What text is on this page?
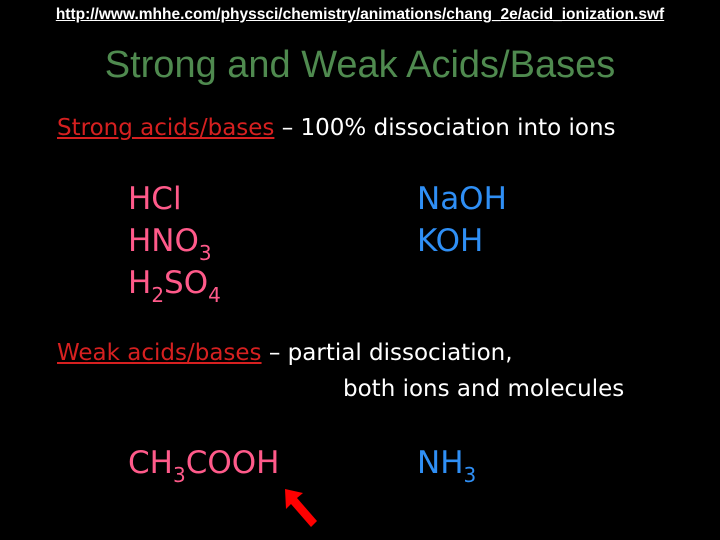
http://www.mhhe.com/physsci/chemistry/animations/chang_2e/acid_ionization.swf
Strong and Weak Acids/Bases
Strong acids/bases – 100% dissociation into ions
HCl
$HNO_3$
$H_2SO_4$
NaOH
KOH
Weak acids/bases – partial dissociation,
both ions and molecules
$CH_3COOH$	$NH_3$
